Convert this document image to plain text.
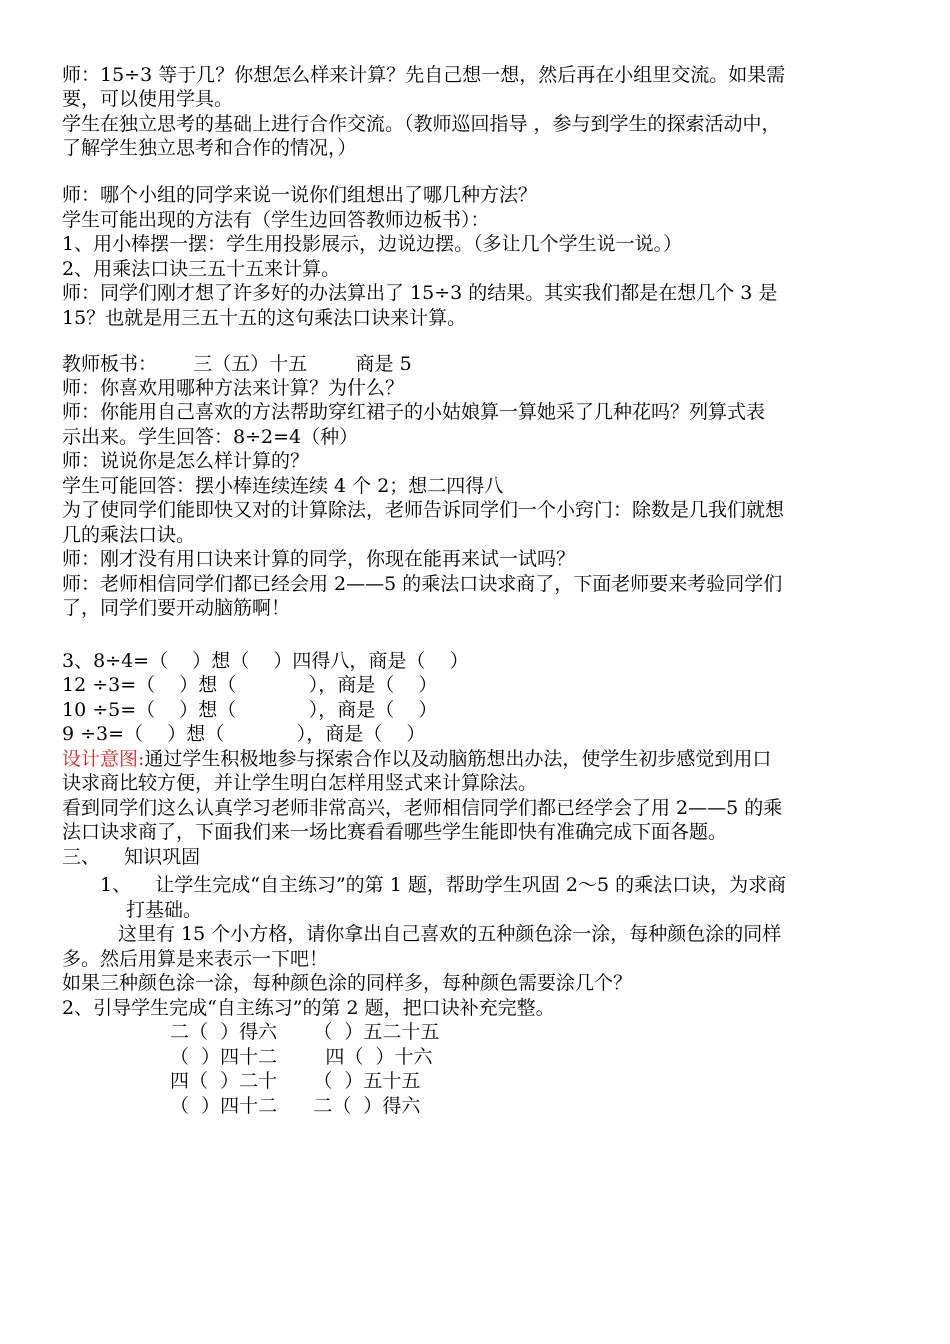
师：15÷3 等于几？你想怎么样来计算？先自己想一想，然后再在小组里交流。如果需
要，可以使用学具。
学生在独立思考的基础上进行合作交流。（教师巡回指导 ，参与到学生的探索活动中，
了解学生独立思考和合作的情况，）
师：哪个小组的同学来说一说你们组想出了哪几种方法？
学生可能出现的方法有（学生边回答教师边板书）：
1、用小棒摆一摆：学生用投影展示，边说边摆。（多让几个学生说一说。）
2、用乘法口诀三五十五来计算。
师：同学们刚才想了许多好的办法算出了 15÷3 的结果。其实我们都是在想几个 3 是
15？也就是用三五十五的这句乘法口诀来计算。
教师板书：      三（五）十五        商是 5
师：你喜欢用哪种方法来计算？为什么？
师：你能用自己喜欢的方法帮助穿红裙子的小姑娘算一算她采了几种花吗？列算式表
示出来。学生回答：8÷2=4（种）
师：说说你是怎么样计算的？
学生可能回答：摆小棒连续连续 4 个 2；想二四得八
为了使同学们能即快又对的计算除法，老师告诉同学们一个小窍门：除数是几我们就想
几的乘法口诀。
师：刚才没有用口诀来计算的同学，你现在能再来试一试吗？
师：老师相信同学们都已经会用 2——5 的乘法口诀求商了，下面老师要来考验同学们
了，同学们要开动脑筋啊！
3、8÷4=（    ）想（    ）四得八，商是（    ）
12 ÷3=（    ）想（            ），商是（    ）
10 ÷5=（    ）想（            ），商是（    ）
9 ÷3=（    ）想（            ），商是（    ）
设计意图:通过学生积极地参与探索合作以及动脑筋想出办法，使学生初步感觉到用口
诀求商比较方便，并让学生明白怎样用竖式来计算除法。
看到同学们这么认真学习老师非常高兴，老师相信同学们都已经学会了用 2——5 的乘
法口诀求商了，下面我们来一场比赛看看哪些学生能即快有准确完成下面各题。
三、    知识巩固
1、    让学生完成“自主练习”的第 1 题，帮助学生巩固 2～5 的乘法口诀，为求商
打基础。
这里有 15 个小方格，请你拿出自己喜欢的五种颜色涂一涂，每种颜色涂的同样
多。然后用算是来表示一下吧！
如果三种颜色涂一涂，每种颜色涂的同样多，每种颜色需要涂几个？
2、引导学生完成“自主练习”的第 2 题，把口诀补充完整。
二（  ）得六      （  ）五二十五
（  ）四十二        四（  ）十六
四（  ）二十      （  ）五十五
（  ）四十二      二（  ）得六
